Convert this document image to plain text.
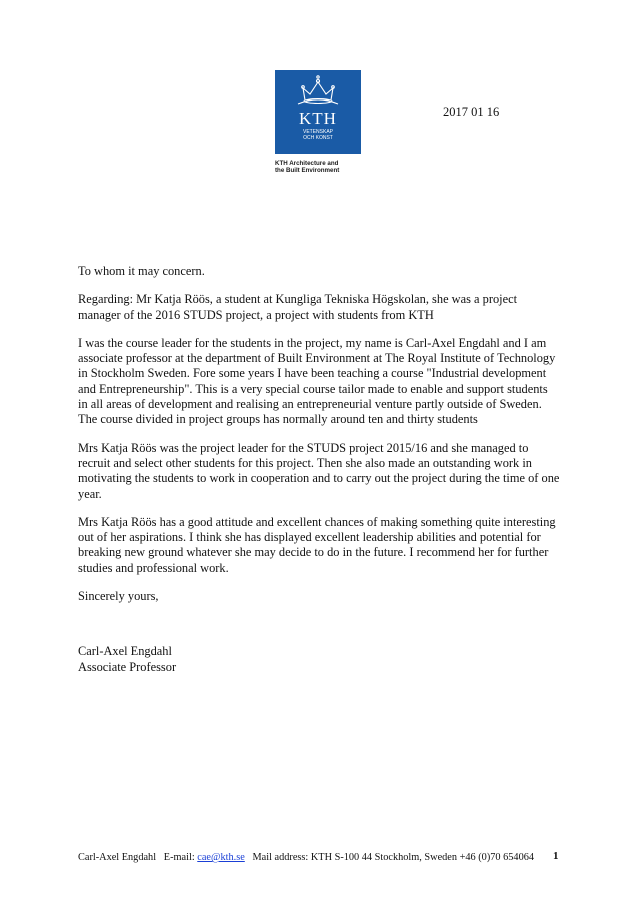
KTH
VETENSKAP
OCH KONST
KTH Architecture and
the Built Environment
2017 01 16

To whom it may concern.

Regarding: Mr Katja Röös, a student at Kungliga Tekniska Högskolan, she was a project manager of the 2016 STUDS project, a project with students from KTH

I was the course leader for the students in the project, my name is Carl-Axel Engdahl and I am associate professor at the department of Built Environment at The Royal Institute of Technology in Stockholm Sweden. Fore some years I have been teaching a course "Industrial development and Entrepreneurship". This is a very special course tailor made to enable and support students in all areas of development and realising an entrepreneurial venture partly outside of Sweden. The course divided in project groups has normally around ten and thirty students

Mrs Katja Röös was the project leader for the STUDS project 2015/16 and she managed to recruit and select other students for this project. Then she also made an outstanding work in motivating the students to work in cooperation and to carry out the project during the time of one year.

Mrs Katja Röös has a good attitude and excellent chances of making something quite interesting out of her aspirations. I think she has displayed excellent leadership abilities and potential for breaking new ground whatever she may decide to do in the future. I recommend her for further studies and professional work.

Sincerely yours,

Carl-Axel Engdahl
Associate Professor
Carl-Axel Engdahl E-mail: cae@kth.se Mail address: KTH S-100 44 Stockholm, Sweden +46 (0)70 654064	1
